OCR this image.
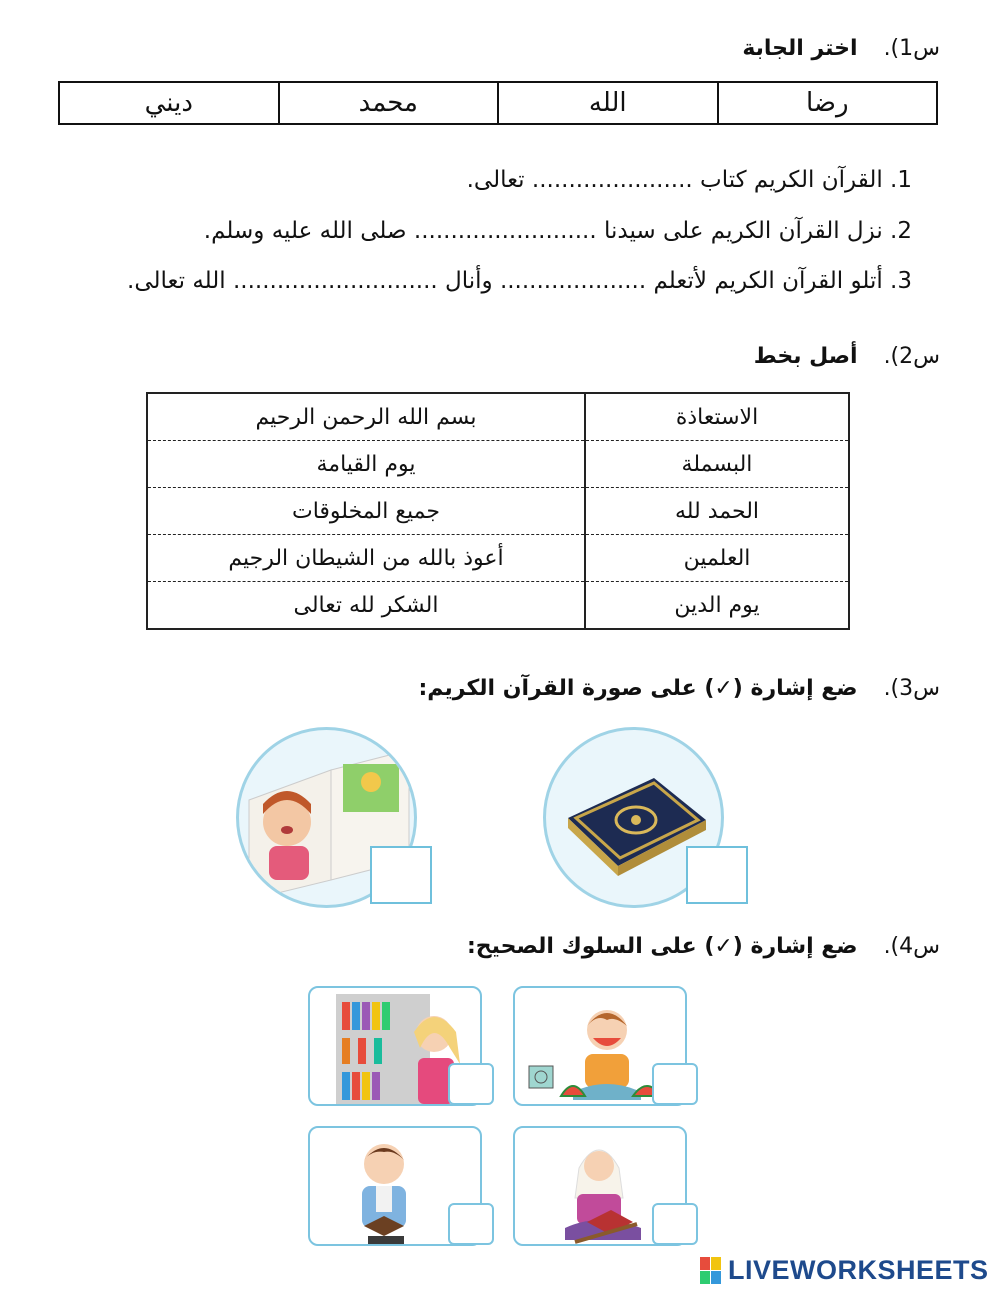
س1).
اختر الجابة
رضا
الله
محمد
ديني
1. القرآن الكريم كتاب ...................... تعالى.
2. نزل القرآن الكريم على سيدنا ......................... صلى الله عليه وسلم.
3. أتلو القرآن الكريم لأتعلم .................... وأنال ............................ الله تعالى.
س2).
أصل بخط
الاستعاذة	بسم الله الرحمن الرحيم
البسملة	يوم القيامة
الحمد لله	جميع المخلوقات
العلمين	أعوذ بالله من الشيطان الرجيم
يوم الدين	الشكر لله تعالى
س3).
ضع إشارة (✓) على صورة القرآن الكريم:
س4).
ضع إشارة (✓) على السلوك الصحيح:
LIVEWORKSHEETS
